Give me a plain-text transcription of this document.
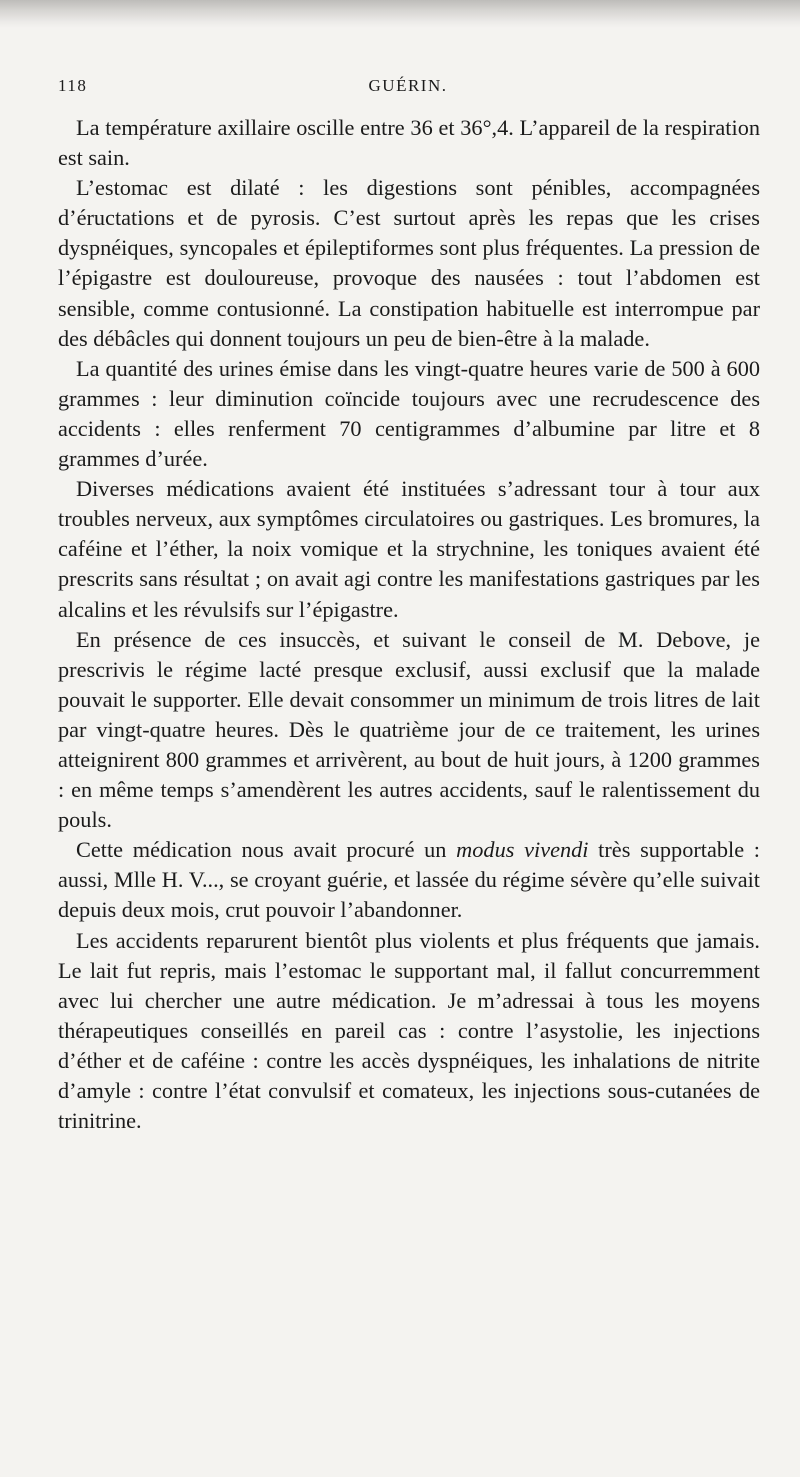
118	GUÉRIN.

La température axillaire oscille entre 36 et 36°,4. L’appareil de la respiration est sain.

L’estomac est dilaté : les digestions sont pénibles, accompagnées d’éructations et de pyrosis. C’est surtout après les repas que les crises dyspnéiques, syncopales et épileptiformes sont plus fréquentes. La pression de l’épigastre est douloureuse, provoque des nausées : tout l’abdomen est sensible, comme contusionné. La constipation habituelle est interrompue par des débâcles qui donnent toujours un peu de bien-être à la malade.

La quantité des urines émise dans les vingt-quatre heures varie de 500 à 600 grammes : leur diminution coïncide toujours avec une recrudescence des accidents : elles renferment 70 centigrammes d’albumine par litre et 8 grammes d’urée.

Diverses médications avaient été instituées s’adressant tour à tour aux troubles nerveux, aux symptômes circulatoires ou gastriques. Les bromures, la caféine et l’éther, la noix vomique et la strychnine, les toniques avaient été prescrits sans résultat ; on avait agi contre les manifestations gastriques par les alcalins et les révulsifs sur l’épigastre.

En présence de ces insuccès, et suivant le conseil de M. Debove, je prescrivis le régime lacté presque exclusif, aussi exclusif que la malade pouvait le supporter. Elle devait consommer un minimum de trois litres de lait par vingt-quatre heures. Dès le quatrième jour de ce traitement, les urines atteignirent 800 grammes et arrivèrent, au bout de huit jours, à 1200 grammes : en même temps s’amendèrent les autres accidents, sauf le ralentissement du pouls.

Cette médication nous avait procuré un modus vivendi très supportable : aussi, Mlle H. V..., se croyant guérie, et lassée du régime sévère qu’elle suivait depuis deux mois, crut pouvoir l’abandonner.

Les accidents reparurent bientôt plus violents et plus fréquents que jamais. Le lait fut repris, mais l’estomac le supportant mal, il fallut concurremment avec lui chercher une autre médication. Je m’adressai à tous les moyens thérapeutiques conseillés en pareil cas : contre l’asystolie, les injections d’éther et de caféine : contre les accès dyspnéiques, les inhalations de nitrite d’amyle : contre l’état convulsif et comateux, les injections sous-cutanées de trinitrine.
